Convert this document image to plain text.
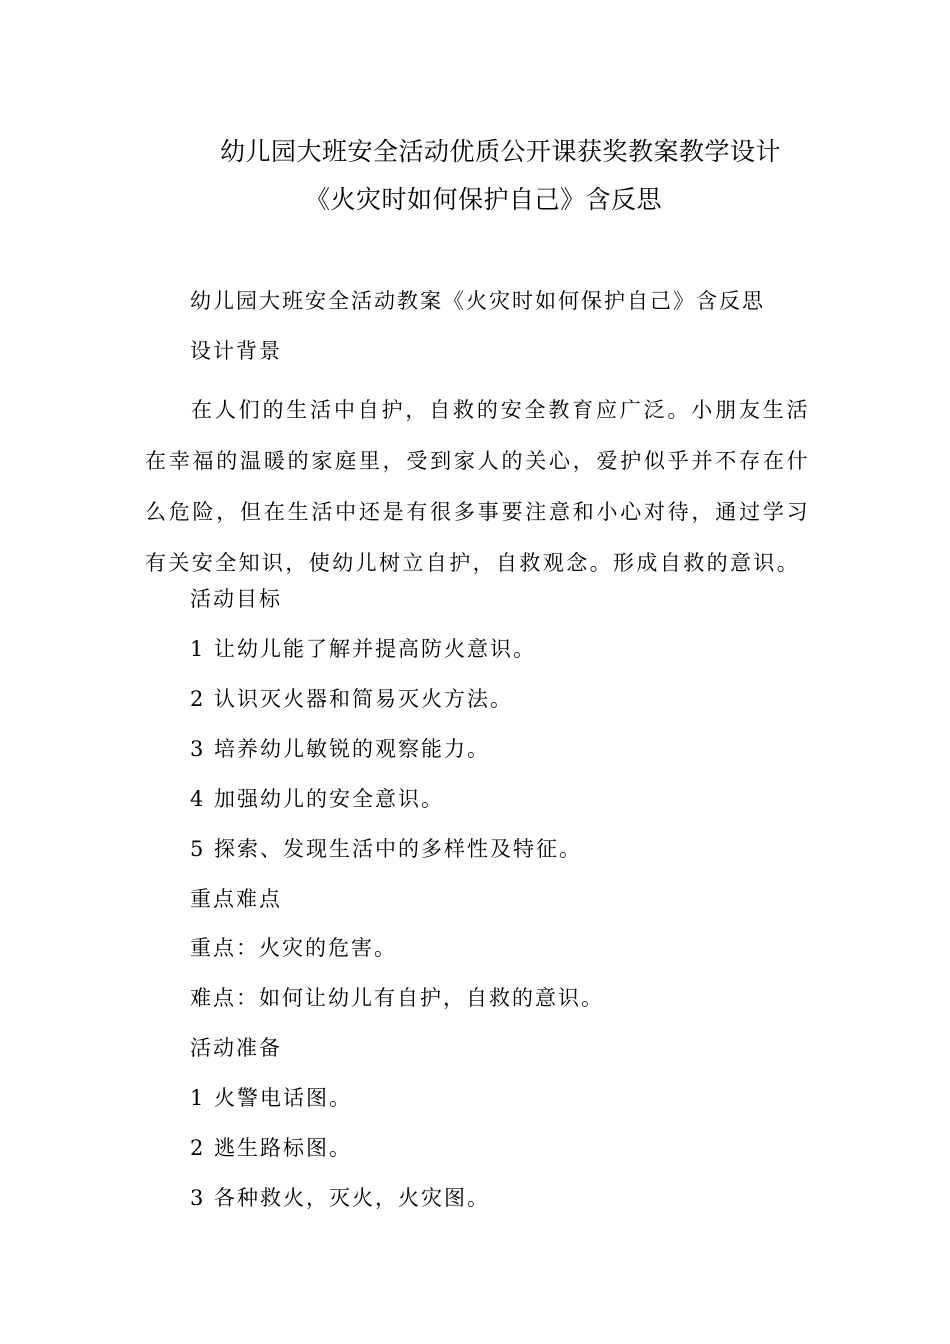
幼儿园大班安全活动优质公开课获奖教案教学设计
《火灾时如何保护自己》含反思
幼儿园大班安全活动教案《火灾时如何保护自己》含反思
设计背景
在人们的生活中自护，自救的安全教育应广泛。小朋友生活在幸福的温暖的家庭里，受到家人的关心，爱护似乎并不存在什么危险，但在生活中还是有很多事要注意和小心对待，通过学习有关安全知识，使幼儿树立自护，自救观念。形成自救的意识。
活动目标
1 让幼儿能了解并提高防火意识。
2 认识灭火器和简易灭火方法。
3 培养幼儿敏锐的观察能力。
4 加强幼儿的安全意识。
5 探索、发现生活中的多样性及特征。
重点难点
重点：火灾的危害。
难点：如何让幼儿有自护，自救的意识。
活动准备
1 火警电话图。
2 逃生路标图。
3 各种救火，灭火，火灾图。
